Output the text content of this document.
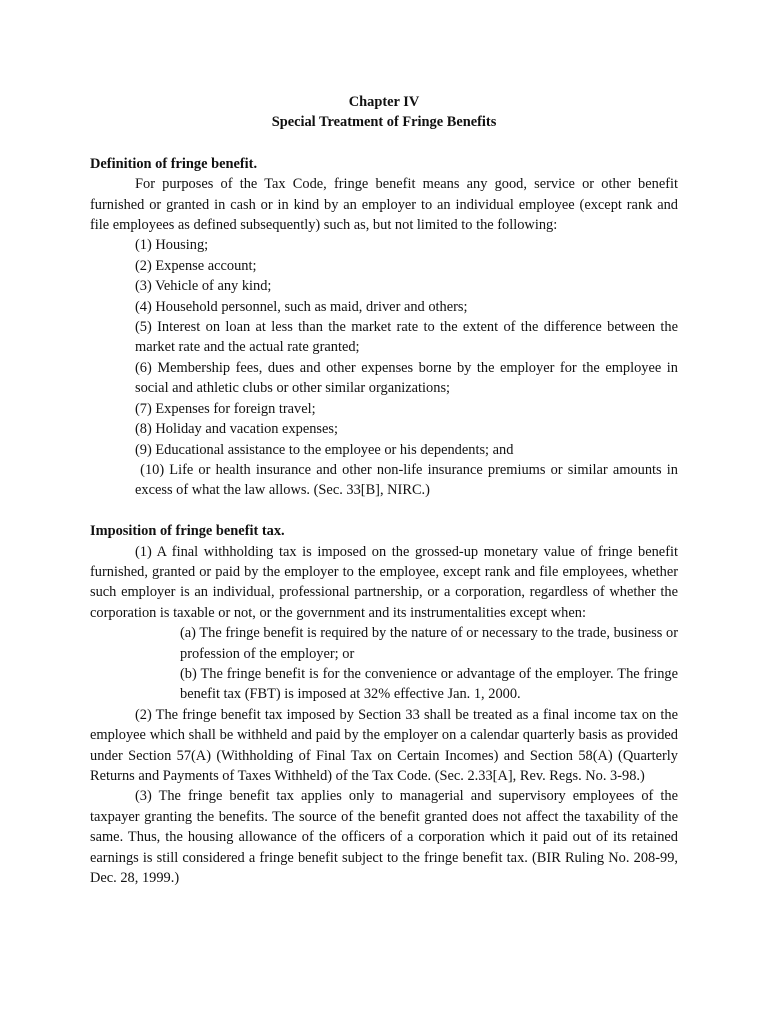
Chapter IV
Special Treatment of Fringe Benefits
Definition of fringe benefit.

For purposes of the Tax Code, fringe benefit means any good, service or other benefit furnished or granted in cash or in kind by an employer to an individual employee (except rank and file employees as defined subsequently) such as, but not limited to the following:

(1) Housing;
(2) Expense account;
(3) Vehicle of any kind;
(4) Household personnel, such as maid, driver and others;
(5) Interest on loan at less than the market rate to the extent of the difference between the market rate and the actual rate granted;
(6) Membership fees, dues and other expenses borne by the employer for the employee in social and athletic clubs or other similar organizations;
(7) Expenses for foreign travel;
(8) Holiday and vacation expenses;
(9) Educational assistance to the employee or his dependents; and
(10) Life or health insurance and other non-life insurance premiums or similar amounts in excess of what the law allows. (Sec. 33[B], NIRC.)
Imposition of fringe benefit tax.

(1) A final withholding tax is imposed on the grossed-up monetary value of fringe benefit furnished, granted or paid by the employer to the employee, except rank and file employees, whether such employer is an individual, professional partnership, or a corporation, regardless of whether the corporation is taxable or not, or the government and its instrumentalities except when:

(a) The fringe benefit is required by the nature of or necessary to the trade, business or profession of the employer; or
(b) The fringe benefit is for the convenience or advantage of the employer. The fringe benefit tax (FBT) is imposed at 32% effective Jan. 1, 2000.

(2) The fringe benefit tax imposed by Section 33 shall be treated as a final income tax on the employee which shall be withheld and paid by the employer on a calendar quarterly basis as provided under Section 57(A) (Withholding of Final Tax on Certain Incomes) and Section 58(A) (Quarterly Returns and Payments of Taxes Withheld) of the Tax Code. (Sec. 2.33[A], Rev. Regs. No. 3-98.)

(3) The fringe benefit tax applies only to managerial and supervisory employees of the taxpayer granting the benefits. The source of the benefit granted does not affect the taxability of the same. Thus, the housing allowance of the officers of a corporation which it paid out of its retained earnings is still considered a fringe benefit subject to the fringe benefit tax. (BIR Ruling No. 208-99, Dec. 28, 1999.)
